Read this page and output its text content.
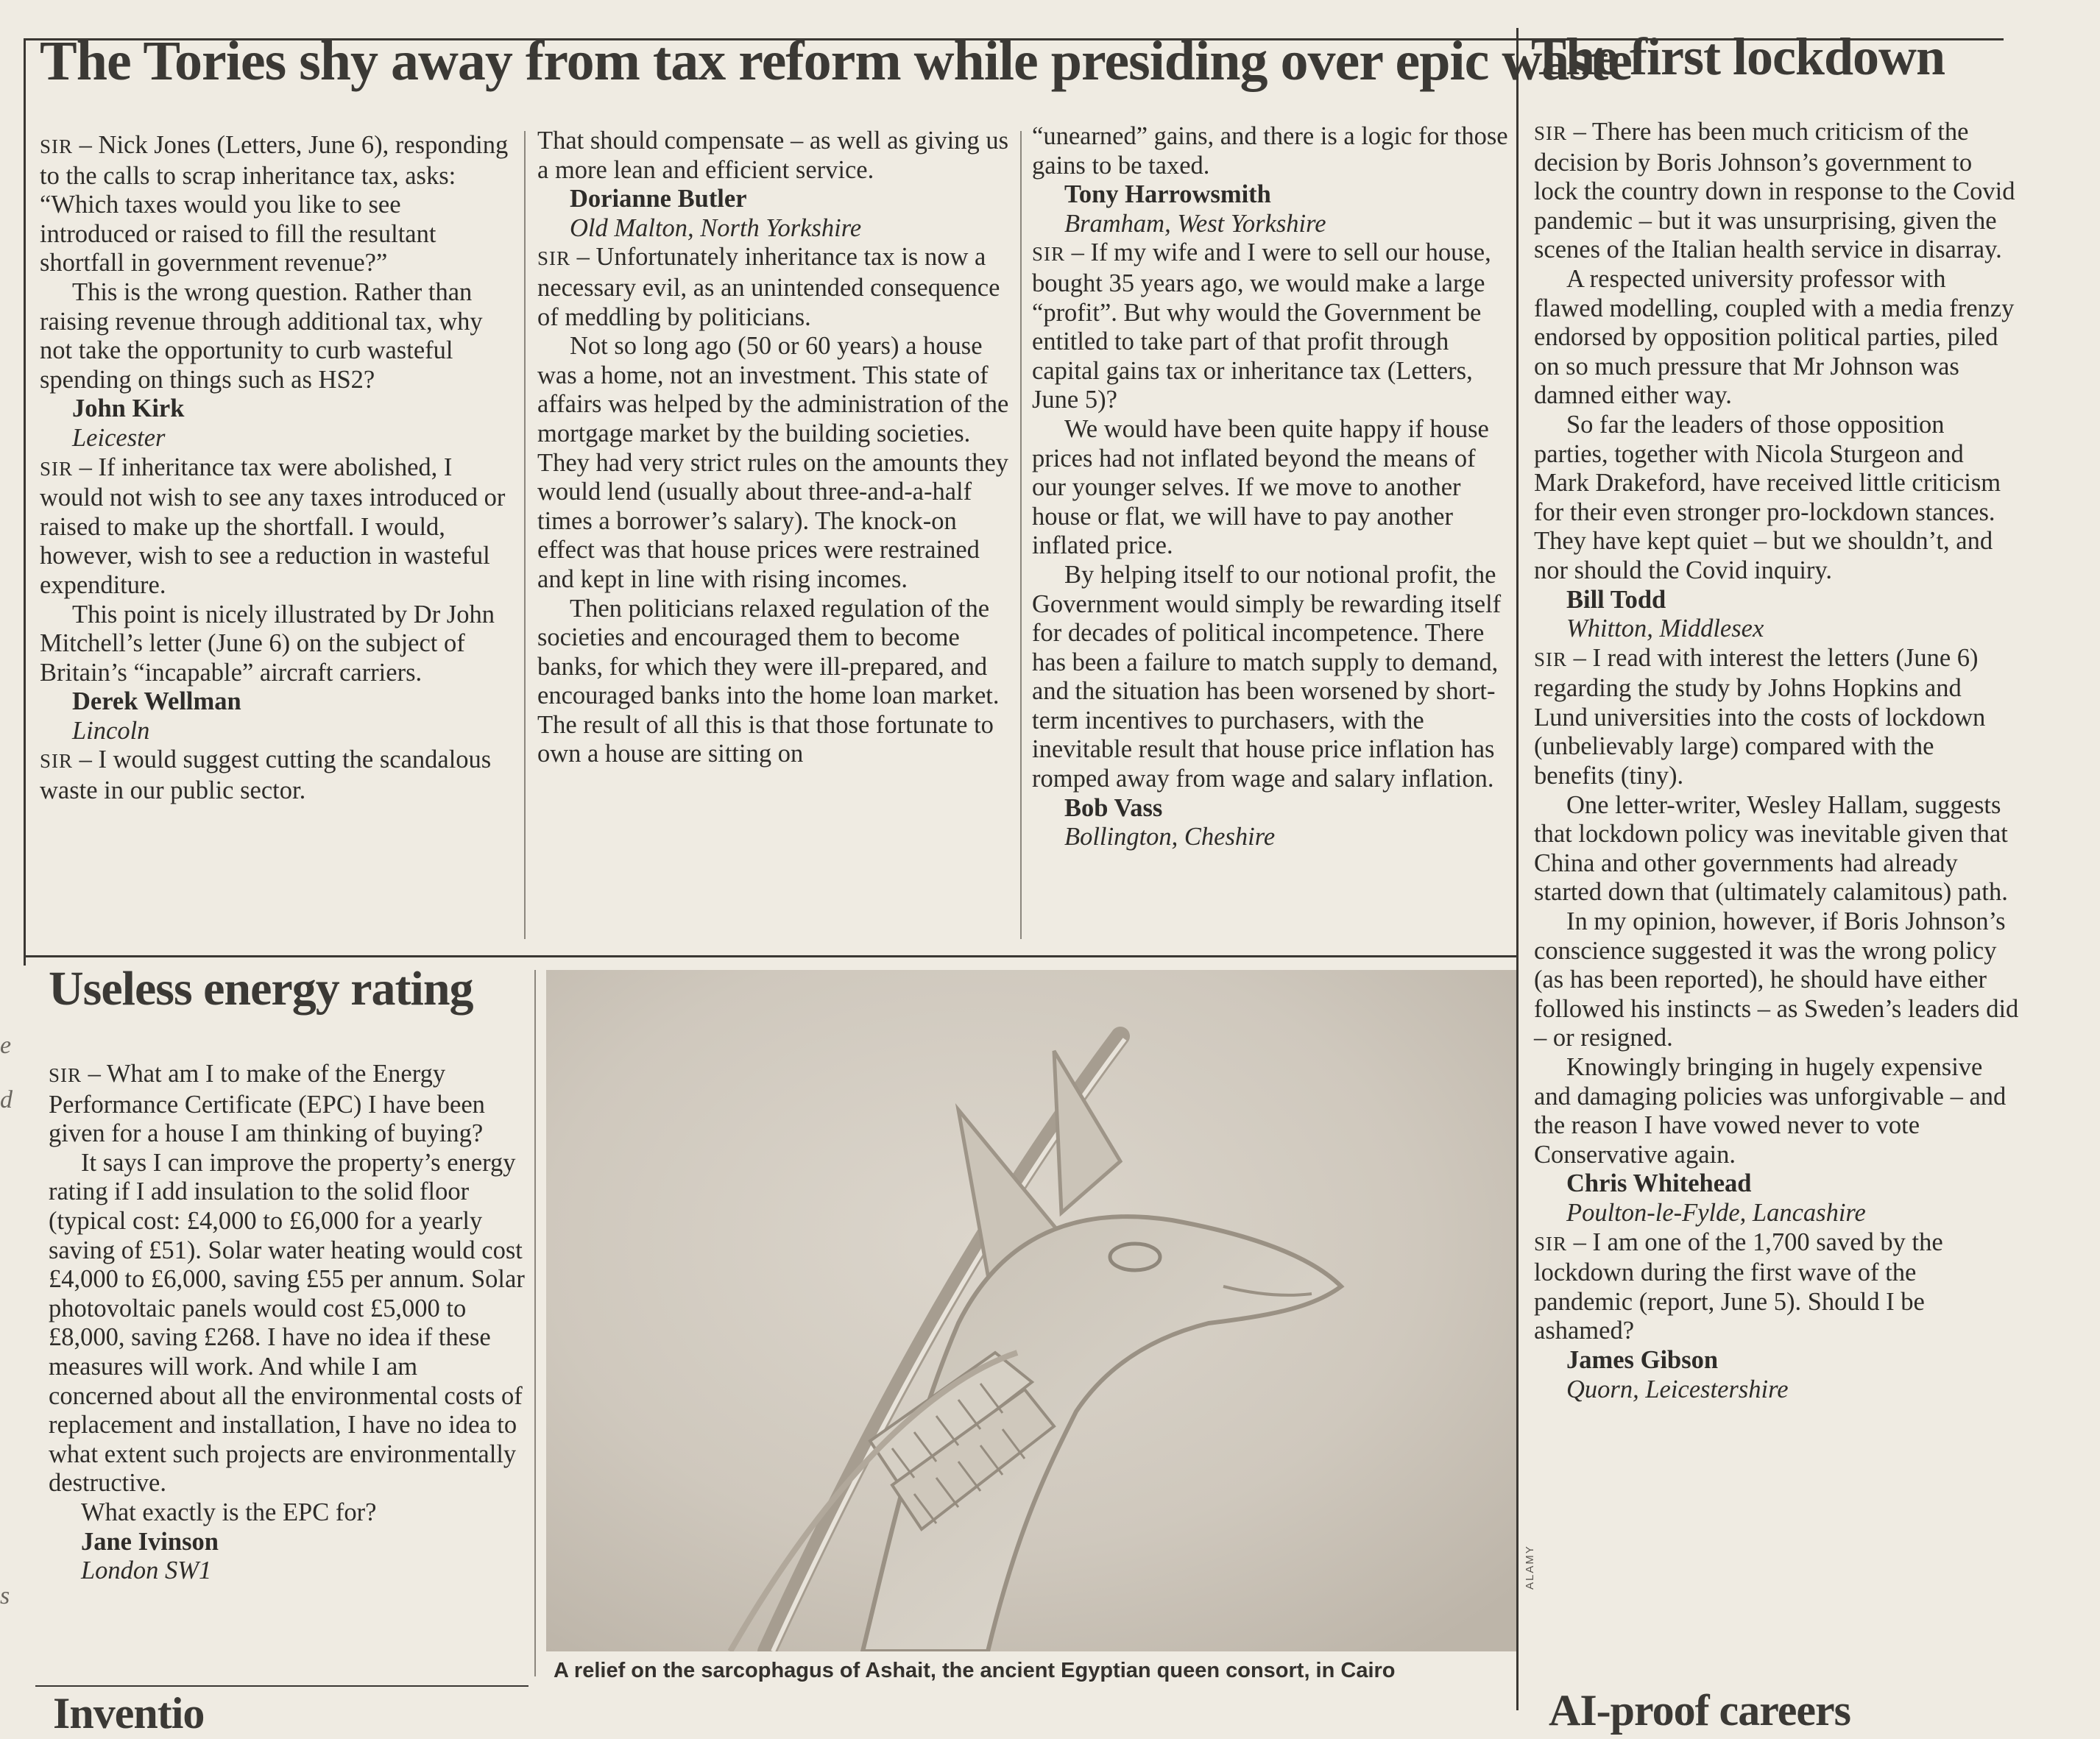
The Tories shy away from tax reform while presiding over epic waste
The first lockdown
Useless energy rating
AI-proof careers
Inventio

SIR – Nick Jones (Letters, June 6), responding to the calls to scrap inheritance tax, asks: “Which taxes would you like to see introduced or raised to fill the resultant shortfall in government revenue?”

This is the wrong question. Rather than raising revenue through additional tax, why not take the opportunity to curb wasteful spending on things such as HS2?

John Kirk

Leicester

SIR – If inheritance tax were abolished, I would not wish to see any taxes introduced or raised to make up the shortfall. I would, however, wish to see a reduction in wasteful expenditure.

This point is nicely illustrated by Dr John Mitchell’s letter (June 6) on the subject of Britain’s “incapable” aircraft carriers.

Derek Wellman

Lincoln

SIR – I would suggest cutting the scandalous waste in our public sector.

That should compensate – as well as giving us a more lean and efficient service.

Dorianne Butler

Old Malton, North Yorkshire

SIR – Unfortunately inheritance tax is now a necessary evil, as an unintended consequence of meddling by politicians.

Not so long ago (50 or 60 years) a house was a home, not an investment. This state of affairs was helped by the administration of the mortgage market by the building societies. They had very strict rules on the amounts they would lend (usually about three-and-a-half times a borrower’s salary). The knock-on effect was that house prices were restrained and kept in line with rising incomes.

Then politicians relaxed regulation of the societies and encouraged them to become banks, for which they were ill-prepared, and encouraged banks into the home loan market. The result of all this is that those fortunate to own a house are sitting on

“unearned” gains, and there is a logic for those gains to be taxed.

Tony Harrowsmith

Bramham, West Yorkshire

SIR – If my wife and I were to sell our house, bought 35 years ago, we would make a large “profit”. But why would the Government be entitled to take part of that profit through capital gains tax or inheritance tax (Letters, June 5)?

We would have been quite happy if house prices had not inflated beyond the means of our younger selves. If we move to another house or flat, we will have to pay another inflated price.

By helping itself to our notional profit, the Government would simply be rewarding itself for decades of political incompetence. There has been a failure to match supply to demand, and the situation has been worsened by short-term incentives to purchasers, with the inevitable result that house price inflation has romped away from wage and salary inflation.

Bob Vass

Bollington, Cheshire

SIR – There has been much criticism of the decision by Boris Johnson’s government to lock the country down in response to the Covid pandemic – but it was unsurprising, given the scenes of the Italian health service in disarray.

A respected university professor with flawed modelling, coupled with a media frenzy endorsed by opposition political parties, piled on so much pressure that Mr Johnson was damned either way.

So far the leaders of those opposition parties, together with Nicola Sturgeon and Mark Drakeford, have received little criticism for their even stronger pro-lockdown stances. They have kept quiet – but we shouldn’t, and nor should the Covid inquiry.

Bill Todd

Whitton, Middlesex

SIR – I read with interest the letters (June 6) regarding the study by Johns Hopkins and Lund universities into the costs of lockdown (unbelievably large) compared with the benefits (tiny).

One letter-writer, Wesley Hallam, suggests that lockdown policy was inevitable given that China and other governments had already started down that (ultimately calamitous) path.

In my opinion, however, if Boris Johnson’s conscience suggested it was the wrong policy (as has been reported), he should have either followed his instincts – as Sweden’s leaders did – or resigned.

Knowingly bringing in hugely expensive and damaging policies was unforgivable – and the reason I have vowed never to vote Conservative again.

Chris Whitehead

Poulton-le-Fylde, Lancashire

SIR – I am one of the 1,700 saved by the lockdown during the first wave of the pandemic (report, June 5). Should I be ashamed?

James Gibson

Quorn, Leicestershire

SIR – What am I to make of the Energy Performance Certificate (EPC) I have been given for a house I am thinking of buying?

It says I can improve the property’s energy rating if I add insulation to the solid floor (typical cost: £4,000 to £6,000 for a yearly saving of £51). Solar water heating would cost £4,000 to £6,000, saving £55 per annum. Solar photovoltaic panels would cost £5,000 to £8,000, saving £268. I have no idea if these measures will work. And while I am concerned about all the environmental costs of replacement and installation, I have no idea to what extent such projects are environmentally destructive.

What exactly is the EPC for?

Jane Ivinson

London SW1

A relief on the sarcophagus of Ashait, the ancient Egyptian queen consort, in Cairo
ALAMY
e
d
s
